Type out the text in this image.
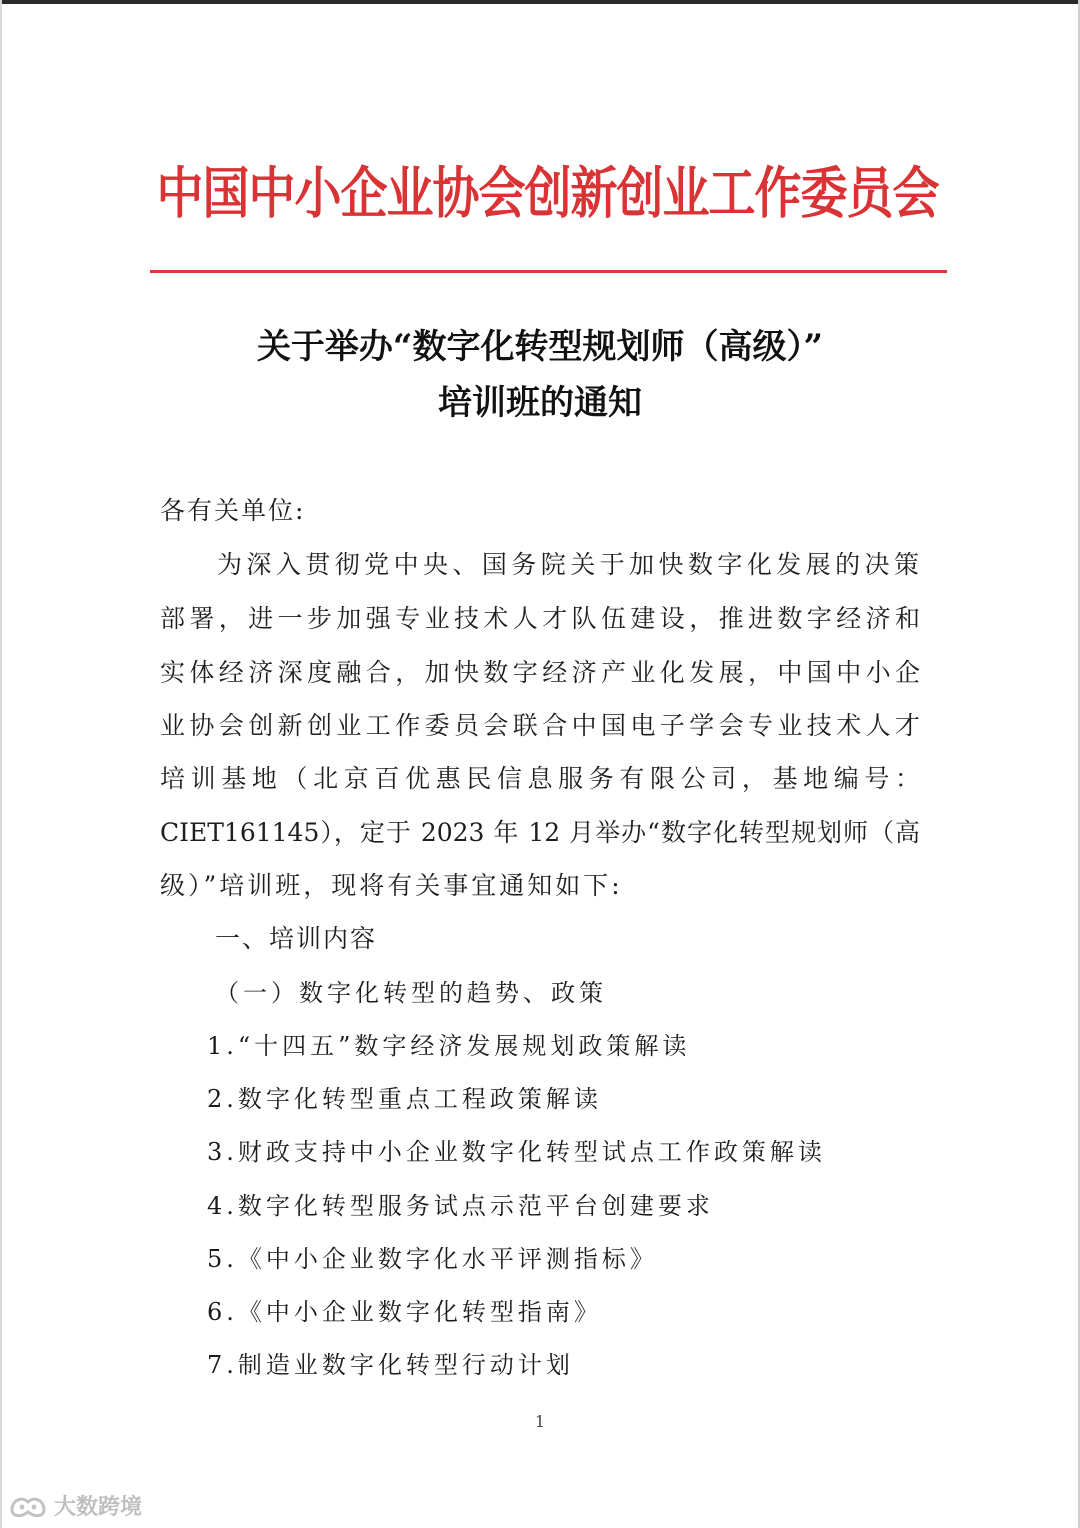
中国中小企业协会创新创业工作委员会
关于举办“数字化转型规划师（高级）”
培训班的通知
各有关单位:
为深入贯彻党中央、国务院关于加快数字化发展的决策
部署，进一步加强专业技术人才队伍建设，推进数字经济和
实体经济深度融合，加快数字经济产业化发展，中国中小企
业协会创新创业工作委员会联合中国电子学会专业技术人才
培训基地（北京百优惠民信息服务有限公司，基地编号：
CIET161145），定于 2023 年 12 月举办“数字化转型规划师（高
级）”培训班，现将有关事宜通知如下:
一、培训内容
（一）数字化转型的趋势、政策
1.“十四五”数字经济发展规划政策解读
2.数字化转型重点工程政策解读
3.财政支持中小企业数字化转型试点工作政策解读
4.数字化转型服务试点示范平台创建要求
5.《中小企业数字化水平评测指标》
6.《中小企业数字化转型指南》
7.制造业数字化转型行动计划
1
大数跨境
